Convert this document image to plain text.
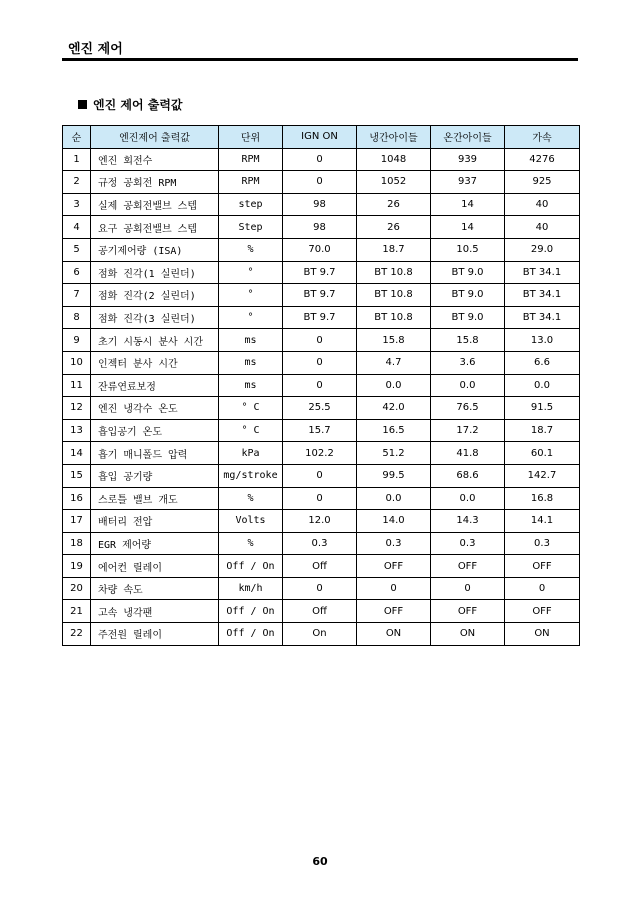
엔진 제어
엔진 제어 출력값
순	엔진제어 출력값	단위	IGN ON	냉간아이들	온간아이들	가속
1	엔진 회전수	RPM	0	1048	939	4276
2	규정 공회전 RPM	RPM	0	1052	937	925
3	실제 공회전밸브 스텝	step	98	26	14	40
4	요구 공회전밸브 스텝	Step	98	26	14	40
5	공기제어량 (ISA)	%	70.0	18.7	10.5	29.0
6	점화 진각(1 실린더)	°	BT 9.7	BT 10.8	BT 9.0	BT 34.1
7	점화 진각(2 실린더)	°	BT 9.7	BT 10.8	BT 9.0	BT 34.1
8	점화 진각(3 실린더)	°	BT 9.7	BT 10.8	BT 9.0	BT 34.1
9	초기 시동시 분사 시간	ms	0	15.8	15.8	13.0
10	인젝터 분사 시간	ms	0	4.7	3.6	6.6
11	잔류연료보정	ms	0	0.0	0.0	0.0
12	엔진 냉각수 온도	° C	25.5	42.0	76.5	91.5
13	흡입공기 온도	° C	15.7	16.5	17.2	18.7
14	흡기 매니폴드 압력	kPa	102.2	51.2	41.8	60.1
15	흡입 공기량	mg/stroke	0	99.5	68.6	142.7
16	스로틀 밸브 개도	%	0	0.0	0.0	16.8
17	배터리 전압	Volts	12.0	14.0	14.3	14.1
18	EGR 제어량	%	0.3	0.3	0.3	0.3
19	에어컨 릴레이	Off / On	Off	OFF	OFF	OFF
20	차량 속도	km/h	0	0	0	0
21	고속 냉각팬	Off / On	Off	OFF	OFF	OFF
22	주전원 릴레이	Off / On	On	ON	ON	ON
60
